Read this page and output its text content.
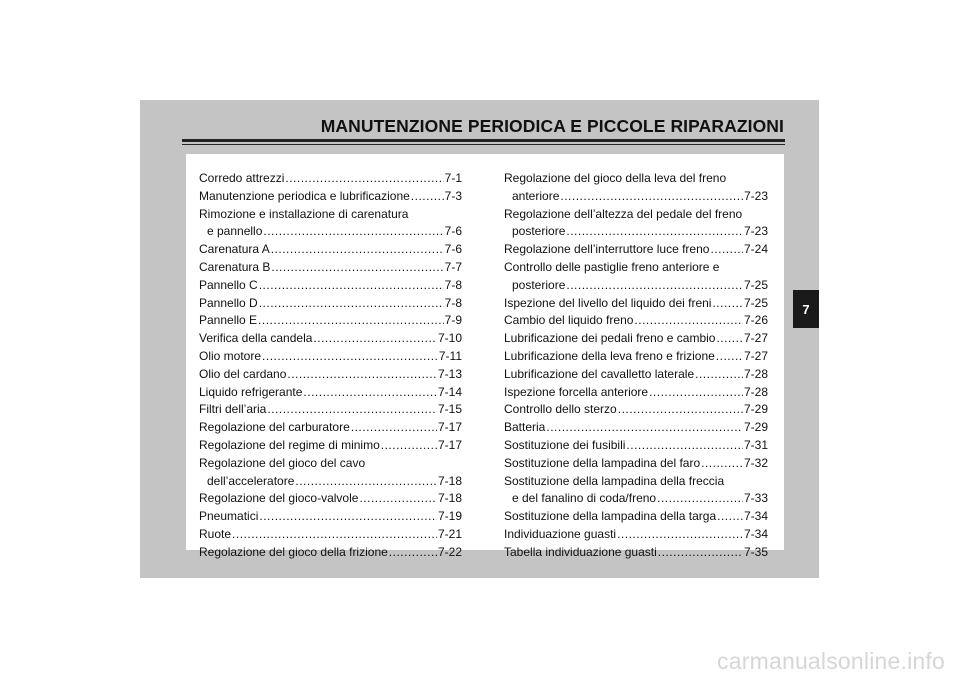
MANUTENZIONE PERIODICA E PICCOLE RIPARAZIONI
7
Corredo attrezzi .....	7-1
Manutenzione periodica e lubrificazione .....	7-3
Rimozione e installazione di carenatura
e pannello .....	7-6
Carenatura A .....	7-6
Carenatura B .....	7-7
Pannello C .....	7-8
Pannello D .....	7-8
Pannello E .....	7-9
Verifica della candela .....	7-10
Olio motore .....	7-11
Olio del cardano .....	7-13
Liquido refrigerante .....	7-14
Filtri dell’aria .....	7-15
Regolazione del carburatore .....	7-17
Regolazione del regime di minimo .....	7-17
Regolazione del gioco del cavo
dell’acceleratore .....	7-18
Regolazione del gioco-valvole .....	7-18
Pneumatici .....	7-19
Ruote .....	7-21
Regolazione del gioco della frizione .....	7-22
Regolazione del gioco della leva del freno
anteriore .....	7-23
Regolazione dell’altezza del pedale del freno
posteriore .....	7-23
Regolazione dell’interruttore luce freno .....	7-24
Controllo delle pastiglie freno anteriore e
posteriore .....	7-25
Ispezione del livello del liquido dei freni .....	7-25
Cambio del liquido freno .....	7-26
Lubrificazione dei pedali freno e cambio ..... 7-27
Lubrificazione della leva freno e frizione ..... 7-27
Lubrificazione del cavalletto laterale .....	7-28
Ispezione forcella anteriore .....	7-28
Controllo dello sterzo .....	7-29
Batteria .....	7-29
Sostituzione dei fusibili .....	7-31
Sostituzione della lampadina del faro .....	7-32
Sostituzione della lampadina della freccia
e del fanalino di coda/freno .....	7-33
Sostituzione della lampadina della targa ..... 7-34
Individuazione guasti .....	7-34
Tabella individuazione guasti .....	7-35
carmanualsonline.info
